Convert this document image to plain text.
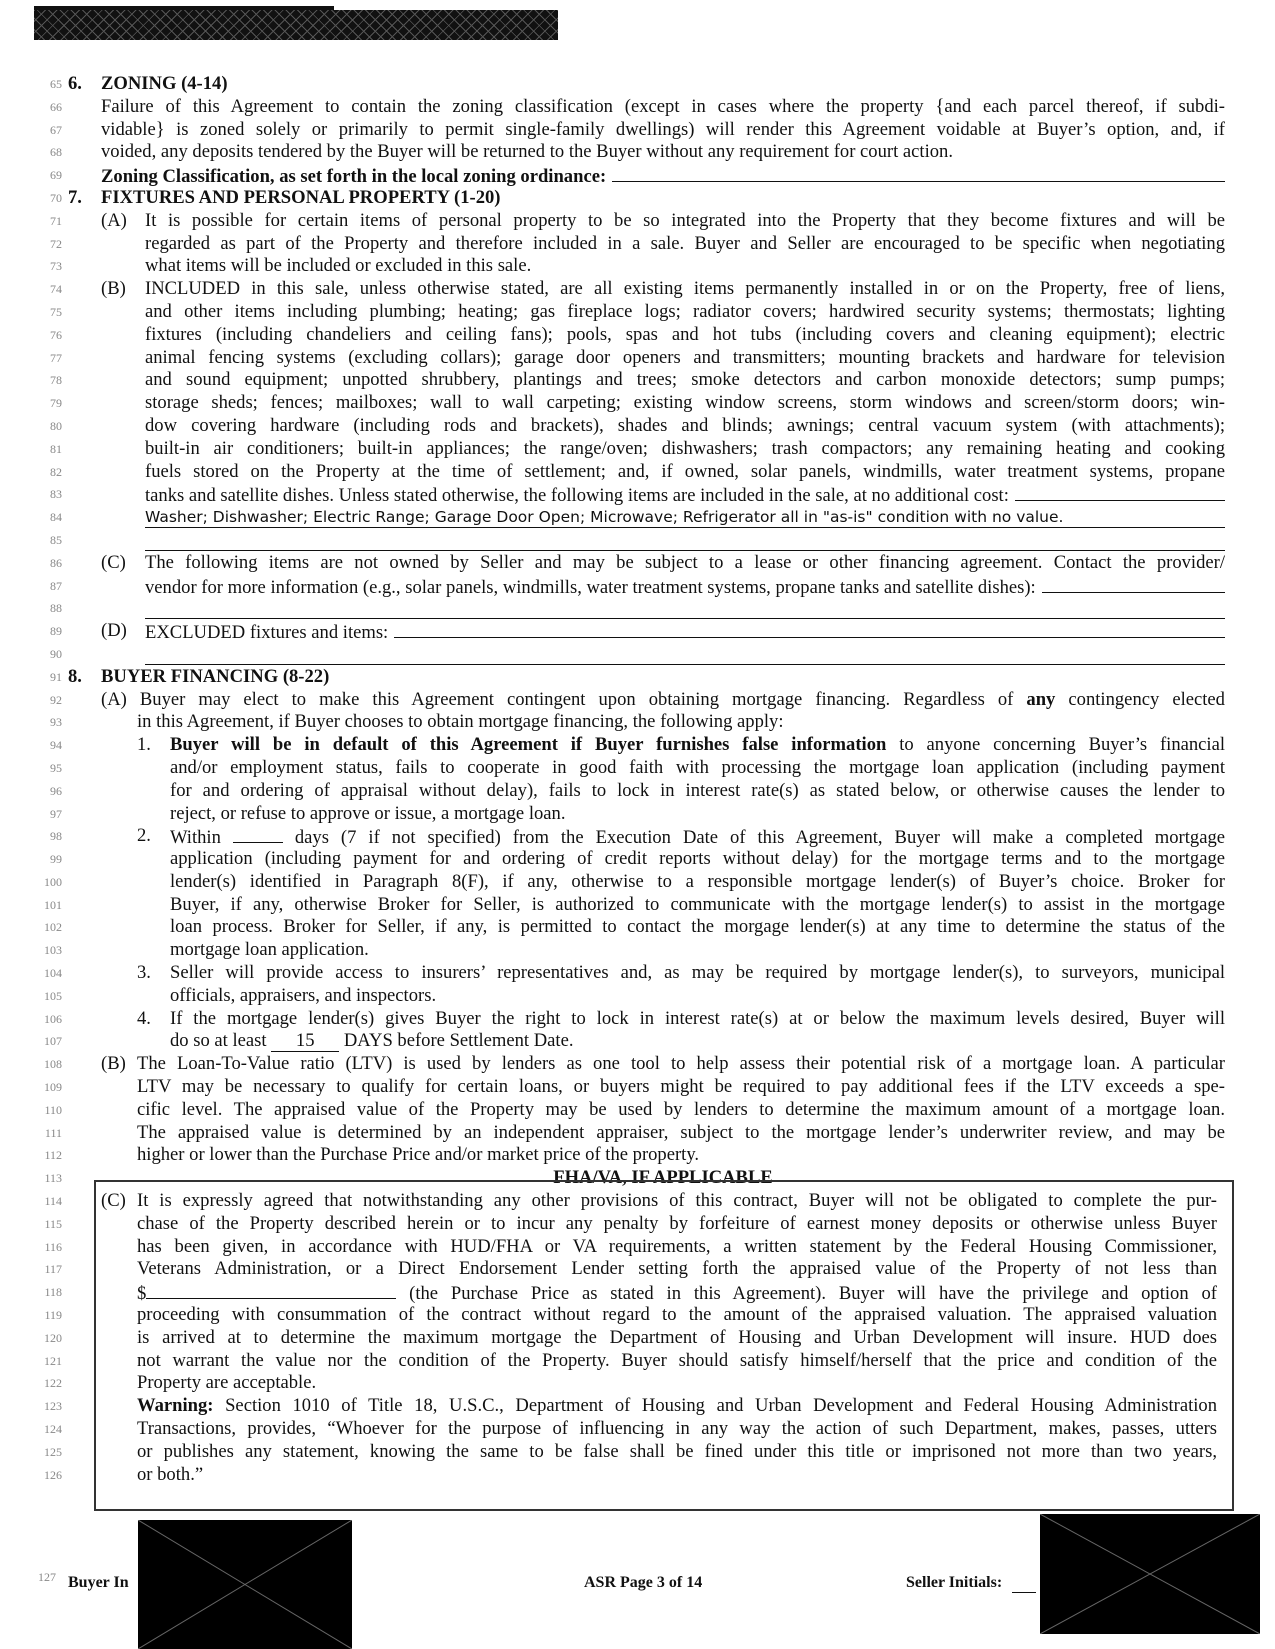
65 6. ZONING (4-14)
66 Failure of this Agreement to contain the zoning classification (except in cases where the property {and each parcel thereof, if subdi-
67 vidable} is zoned solely or primarily to permit single-family dwellings) will render this Agreement voidable at Buyer’s option, and, if
68 voided, any deposits tendered by the Buyer will be returned to the Buyer without any requirement for court action.
69 Zoning Classification, as set forth in the local zoning ordinance:
70 7. FIXTURES AND PERSONAL PROPERTY (1-20)
71 (A) It is possible for certain items of personal property to be so integrated into the Property that they become fixtures and will be
72	regarded as part of the Property and therefore included in a sale. Buyer and Seller are encouraged to be specific when negotiating
73	what items will be included or excluded in this sale.
74 (B) INCLUDED in this sale, unless otherwise stated, are all existing items permanently installed in or on the Property, free of liens,
75	and other items including plumbing; heating; gas fireplace logs; radiator covers; hardwired security systems; thermostats; lighting
76	fixtures (including chandeliers and ceiling fans); pools, spas and hot tubs (including covers and cleaning equipment); electric
77	animal fencing systems (excluding collars); garage door openers and transmitters; mounting brackets and hardware for television
78	and sound equipment; unpotted shrubbery, plantings and trees; smoke detectors and carbon monoxide detectors; sump pumps;
79	storage sheds; fences; mailboxes; wall to wall carpeting; existing window screens, storm windows and screen/storm doors; win-
80	dow covering hardware (including rods and brackets), shades and blinds; awnings; central vacuum system (with attachments);
81	built-in air conditioners; built-in appliances; the range/oven; dishwashers; trash compactors; any remaining heating and cooking
82	fuels stored on the Property at the time of settlement; and, if owned, solar panels, windmills, water treatment systems, propane
83	tanks and satellite dishes. Unless stated otherwise, the following items are included in the sale, at no additional cost:
84	Washer; Dishwasher; Electric Range; Garage Door Open; Microwave; Refrigerator all in "as-is" condition with no value.
85
86 (C) The following items are not owned by Seller and may be subject to a lease or other financing agreement. Contact the provider/
87	vendor for more information (e.g., solar panels, windmills, water treatment systems, propane tanks and satellite dishes):
88
89 (D) EXCLUDED fixtures and items:
90
91 8. BUYER FINANCING (8-22)
92 (A) Buyer may elect to make this Agreement contingent upon obtaining mortgage financing. Regardless of any contingency elected
93	in this Agreement, if Buyer chooses to obtain mortgage financing, the following apply:
94	1. Buyer will be in default of this Agreement if Buyer furnishes false information to anyone concerning Buyer’s financial
95	and/or employment status, fails to cooperate in good faith with processing the mortgage loan application (including payment
96	for and ordering of appraisal without delay), fails to lock in interest rate(s) as stated below, or otherwise causes the lender to
97	reject, or refuse to approve or issue, a mortgage loan.
98	2. Within	days (7 if not specified) from the Execution Date of this Agreement, Buyer will make a completed mortgage
99	application (including payment for and ordering of credit reports without delay) for the mortgage terms and to the mortgage
100	lender(s) identified in Paragraph 8(F), if any, otherwise to a responsible mortgage lender(s) of Buyer’s choice. Broker for
101	Buyer, if any, otherwise Broker for Seller, is authorized to communicate with the mortgage lender(s) to assist in the mortgage
102	loan process. Broker for Seller, if any, is permitted to contact the morgage lender(s) at any time to determine the status of the
103	mortgage loan application.
104	3. Seller will provide access to insurers’ representatives and, as may be required by mortgage lender(s), to surveyors, municipal
105	officials, appraisers, and inspectors.
106	4. If the mortgage lender(s) gives Buyer the right to lock in interest rate(s) at or below the maximum levels desired, Buyer will
107	do so at least 15 DAYS before Settlement Date.
108 (B) The Loan-To-Value ratio (LTV) is used by lenders as one tool to help assess their potential risk of a mortgage loan. A particular
109	LTV may be necessary to qualify for certain loans, or buyers might be required to pay additional fees if the LTV exceeds a spe-
110	cific level. The appraised value of the Property may be used by lenders to determine the maximum amount of a mortgage loan.
111	The appraised value is determined by an independent appraiser, subject to the mortgage lender’s underwriter review, and may be
112	higher or lower than the Purchase Price and/or market price of the property.
113	FHA/VA, IF APPLICABLE
114 (C) It is expressly agreed that notwithstanding any other provisions of this contract, Buyer will not be obligated to complete the pur-
115	chase of the Property described herein or to incur any penalty by forfeiture of earnest money deposits or otherwise unless Buyer
116	has been given, in accordance with HUD/FHA or VA requirements, a written statement by the Federal Housing Commissioner,
117	Veterans Administration, or a Direct Endorsement Lender setting forth the appraised value of the Property of not less than
118	$	(the Purchase Price as stated in this Agreement). Buyer will have the privilege and option of
119	proceeding with consummation of the contract without regard to the amount of the appraised valuation. The appraised valuation
120	is arrived at to determine the maximum mortgage the Department of Housing and Urban Development will insure. HUD does
121	not warrant the value nor the condition of the Property. Buyer should satisfy himself/herself that the price and condition of the
122	Property are acceptable.
123	Warning: Section 1010 of Title 18, U.S.C., Department of Housing and Urban Development and Federal Housing Administration
124	Transactions, provides, “Whoever for the purpose of influencing in any way the action of such Department, makes, passes, utters
125	or publishes any statement, knowing the same to be false shall be fined under this title or imprisoned not more than two years,
126	or both.”
127 Buyer In	ASR Page 3 of 14	Seller Initials:
